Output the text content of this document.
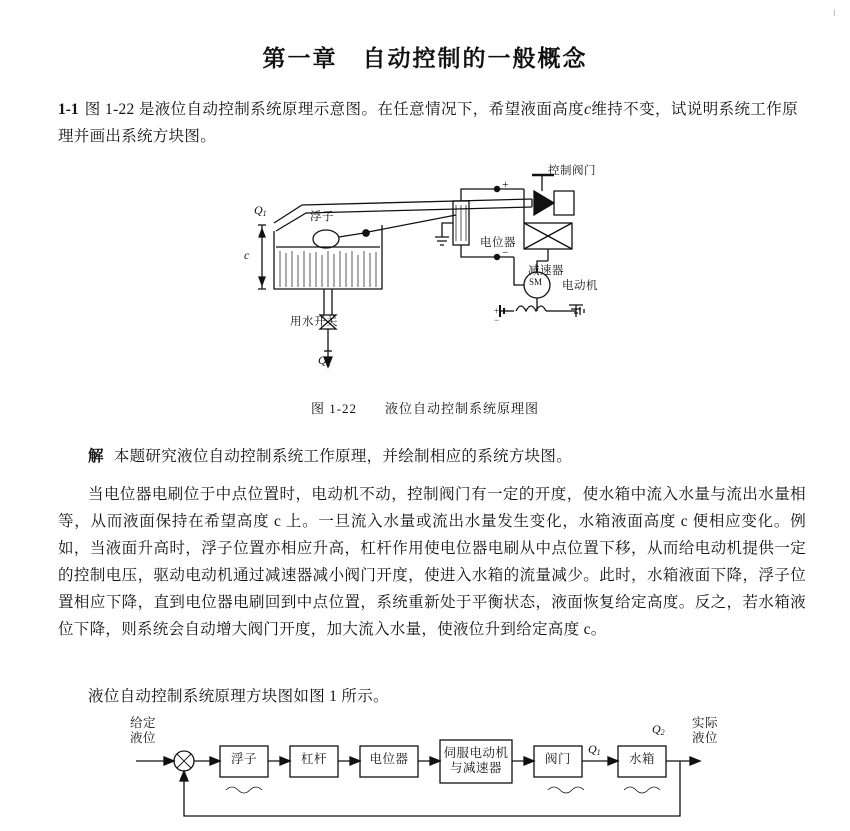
ǀ
第一章　自动控制的一般概念
1-1 图 1-22 是液位自动控制系统原理示意图。在任意情况下，希望液面高度c维持不变，试说明系统工作原理并画出系统方块图。
控制阀门
浮子
电位器
减速器
电动机
用水开关
SM
+
−
+
−
$Q_1$
$Q_2$
c
图 1-22　　液位自动控制系统原理图
解 本题研究液位自动控制系统工作原理，并绘制相应的系统方块图。
当电位器电刷位于中点位置时，电动机不动，控制阀门有一定的开度，使水箱中流入水量与流出水量相等，从而液面保持在希望高度 c 上。一旦流入水量或流出水量发生变化，水箱液面高度 c 便相应变化。例如，当液面升高时，浮子位置亦相应升高，杠杆作用使电位器电刷从中点位置下移，从而给电动机提供一定的控制电压，驱动电动机通过减速器减小阀门开度，使进入水箱的流量减少。此时，水箱液面下降，浮子位置相应下降，直到电位器电刷回到中点位置，系统重新处于平衡状态，液面恢复给定高度。反之，若水箱液位下降，则系统会自动增大阀门开度，加大流入水量，使液位升到给定高度 c。
液位自动控制系统原理方块图如图 1 所示。
给定
液位
实际
液位
浮子	杠杆	电位器	伺服电动机
与减速器
阀门	水箱
$Q_1$
$Q_2$
